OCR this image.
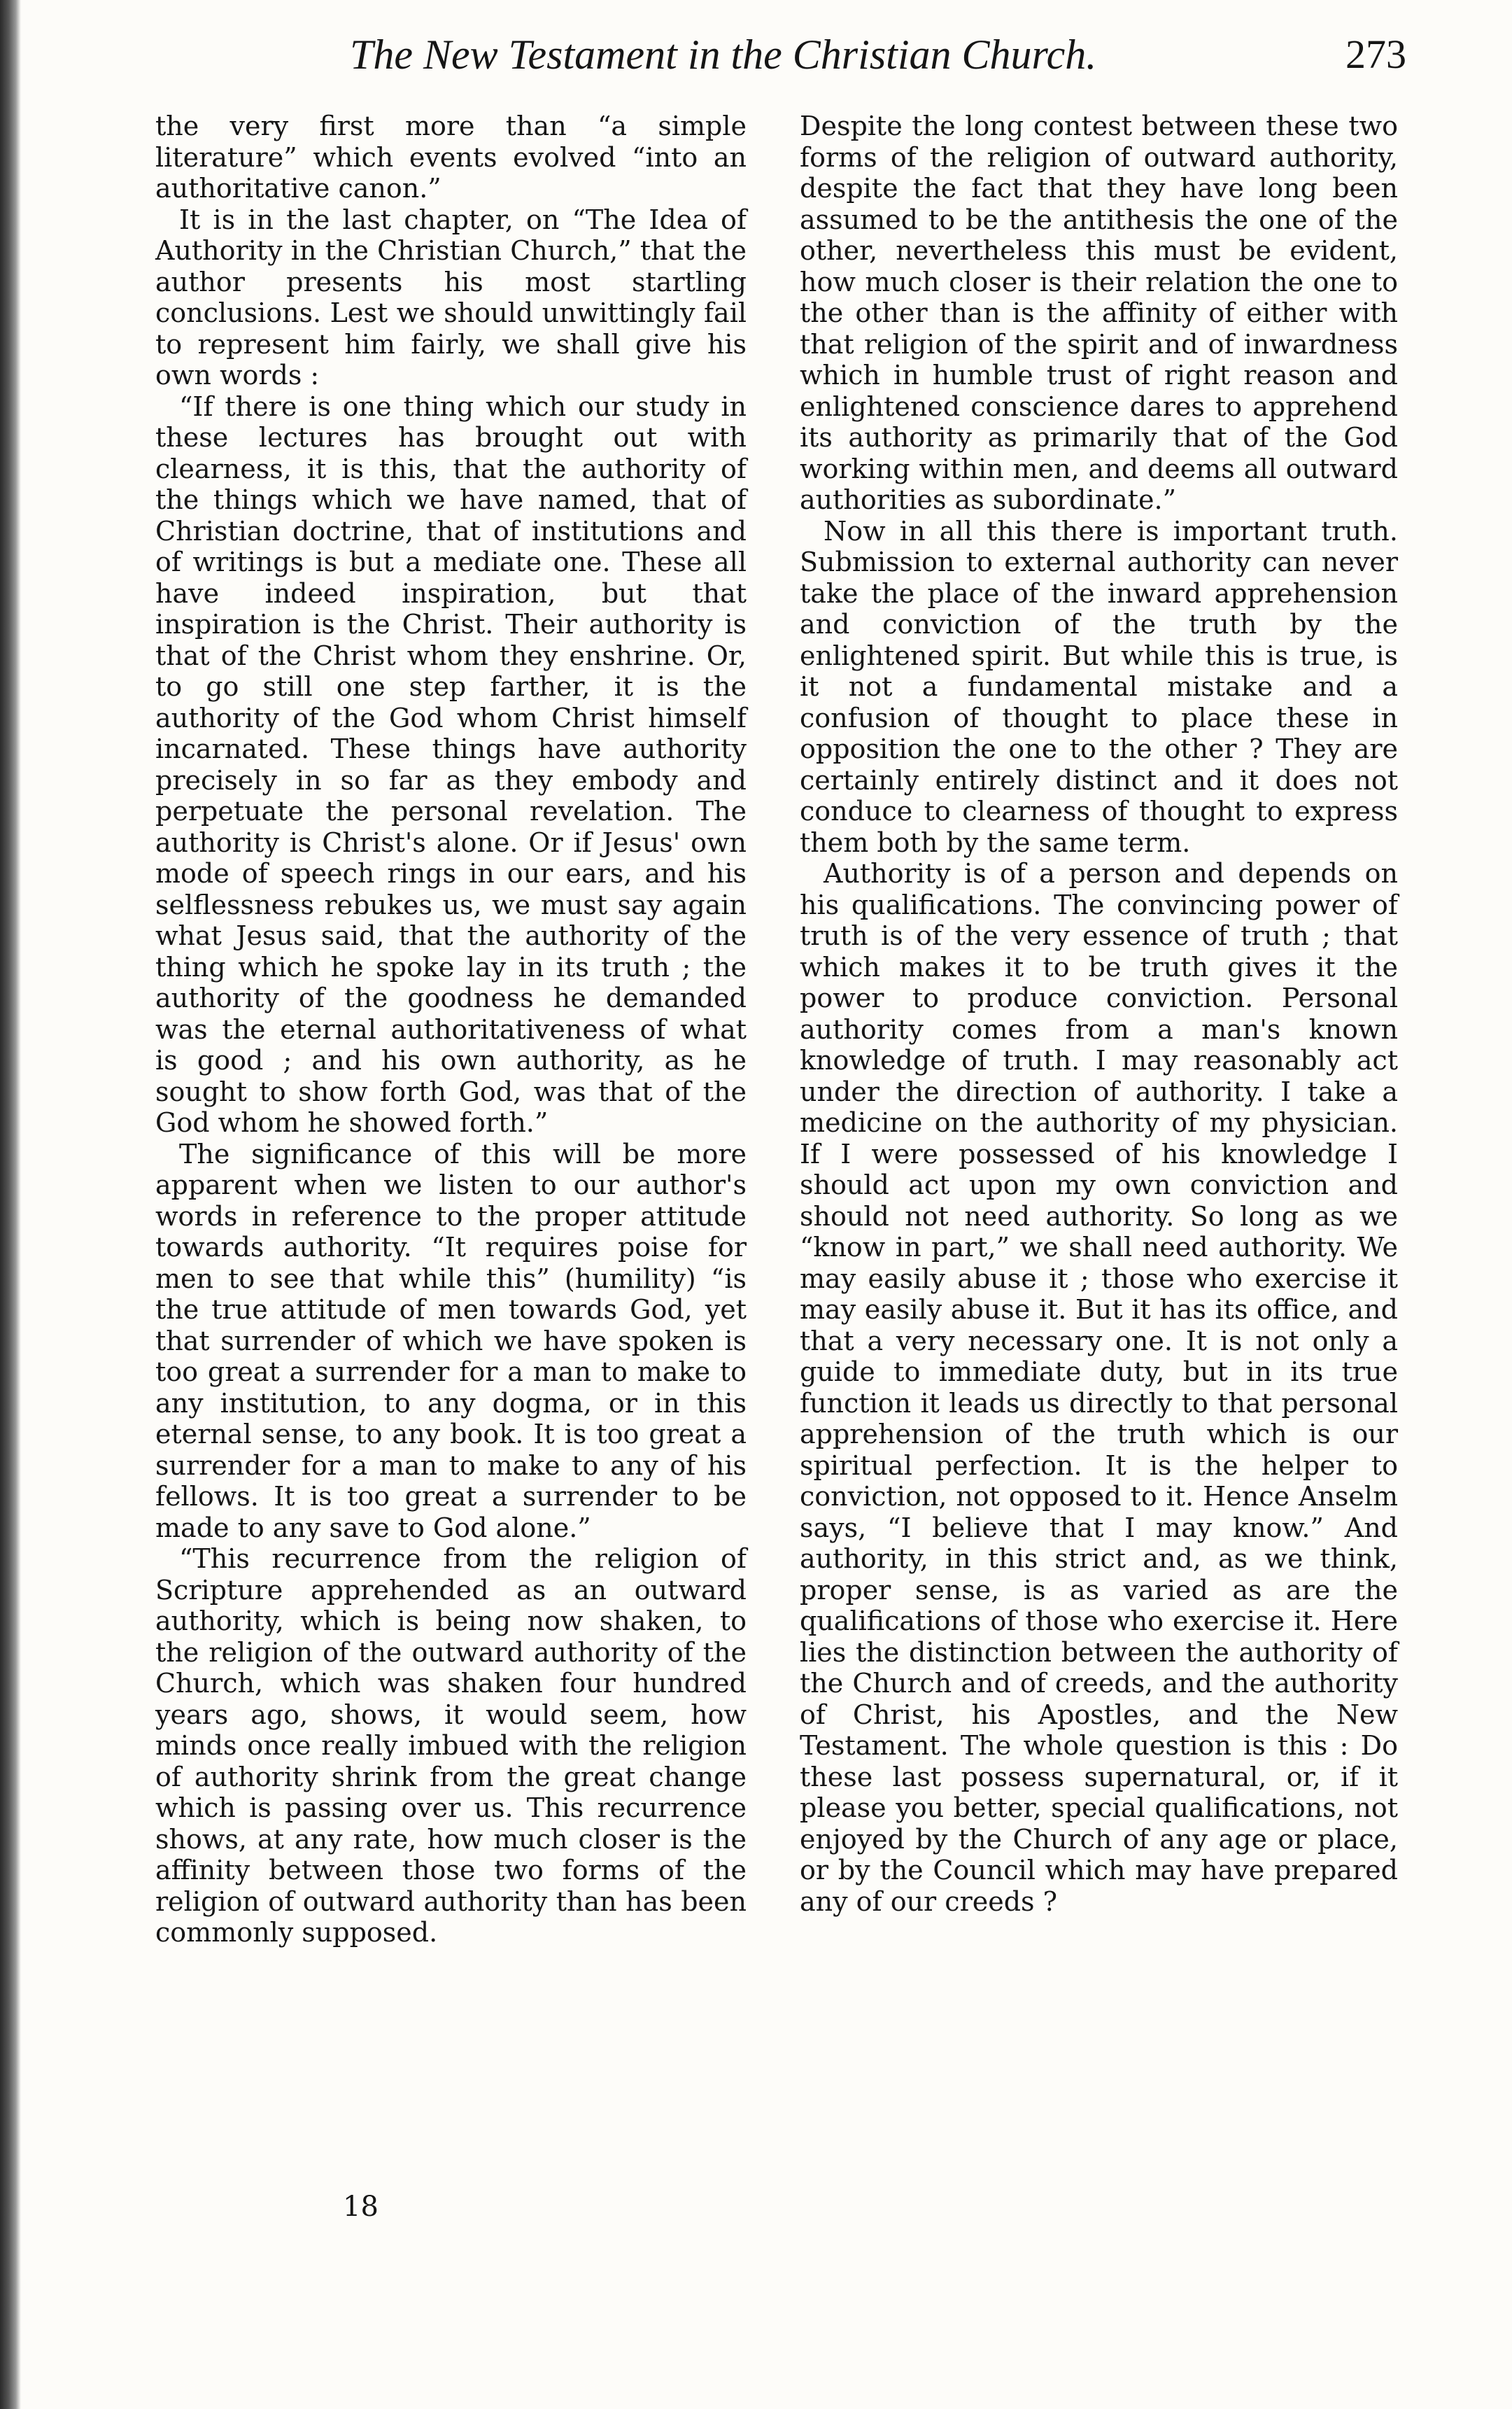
The New Testament in the Christian Church.	273

the very first more than “a simple literature” which events evolved “into an authoritative canon.”

It is in the last chapter, on “The Idea of Authority in the Christian Church,” that the author presents his most startling conclusions. Lest we should unwittingly fail to represent him fairly, we shall give his own words :

“If there is one thing which our study in these lectures has brought out with clearness, it is this, that the authority of the things which we have named, that of Christian doctrine, that of institutions and of writings is but a mediate one. These all have indeed inspiration, but that inspiration is the Christ. Their authority is that of the Christ whom they enshrine. Or, to go still one step farther, it is the authority of the God whom Christ himself incarnated. These things have authority precisely in so far as they embody and perpetuate the personal revelation. The authority is Christ's alone. Or if Jesus' own mode of speech rings in our ears, and his selflessness rebukes us, we must say again what Jesus said, that the authority of the thing which he spoke lay in its truth ; the authority of the goodness he demanded was the eternal authoritativeness of what is good ; and his own authority, as he sought to show forth God, was that of the God whom he showed forth.”

The significance of this will be more apparent when we listen to our author's words in reference to the proper attitude towards authority. “It requires poise for men to see that while this” (humility) “is the true attitude of men towards God, yet that surrender of which we have spoken is too great a surrender for a man to make to any institution, to any dogma, or in this eternal sense, to any book. It is too great a surrender for a man to make to any of his fellows. It is too great a surrender to be made to any save to God alone.”

“This recurrence from the religion of Scripture apprehended as an outward authority, which is being now shaken, to the religion of the outward authority of the Church, which was shaken four hundred years ago, shows, it would seem, how minds once really imbued with the religion of authority shrink from the great change which is passing over us. This recurrence shows, at any rate, how much closer is the affinity between those two forms of the religion of outward authority than has been commonly supposed.

Despite the long contest between these two forms of the religion of outward authority, despite the fact that they have long been assumed to be the antithesis the one of the other, nevertheless this must be evident, how much closer is their relation the one to the other than is the affinity of either with that religion of the spirit and of inwardness which in humble trust of right reason and enlightened conscience dares to apprehend its authority as primarily that of the God working within men, and deems all outward authorities as subordinate.”

Now in all this there is important truth. Submission to external authority can never take the place of the inward apprehension and conviction of the truth by the enlightened spirit. But while this is true, is it not a fundamental mistake and a confusion of thought to place these in opposition the one to the other ? They are certainly entirely distinct and it does not conduce to clearness of thought to express them both by the same term.

Authority is of a person and depends on his qualifications. The convincing power of truth is of the very essence of truth ; that which makes it to be truth gives it the power to produce conviction. Personal authority comes from a man's known knowledge of truth. I may reasonably act under the direction of authority. I take a medicine on the authority of my physician. If I were possessed of his knowledge I should act upon my own conviction and should not need authority. So long as we “know in part,” we shall need authority. We may easily abuse it ; those who exercise it may easily abuse it. But it has its office, and that a very necessary one. It is not only a guide to immediate duty, but in its true function it leads us directly to that personal apprehension of the truth which is our spiritual perfection. It is the helper to conviction, not opposed to it. Hence Anselm says, “I believe that I may know.” And authority, in this strict and, as we think, proper sense, is as varied as are the qualifications of those who exercise it. Here lies the distinction between the authority of the Church and of creeds, and the authority of Christ, his Apostles, and the New Testament. The whole question is this : Do these last possess supernatural, or, if it please you better, special qualifications, not enjoyed by the Church of any age or place, or by the Council which may have prepared any of our creeds ?

18
